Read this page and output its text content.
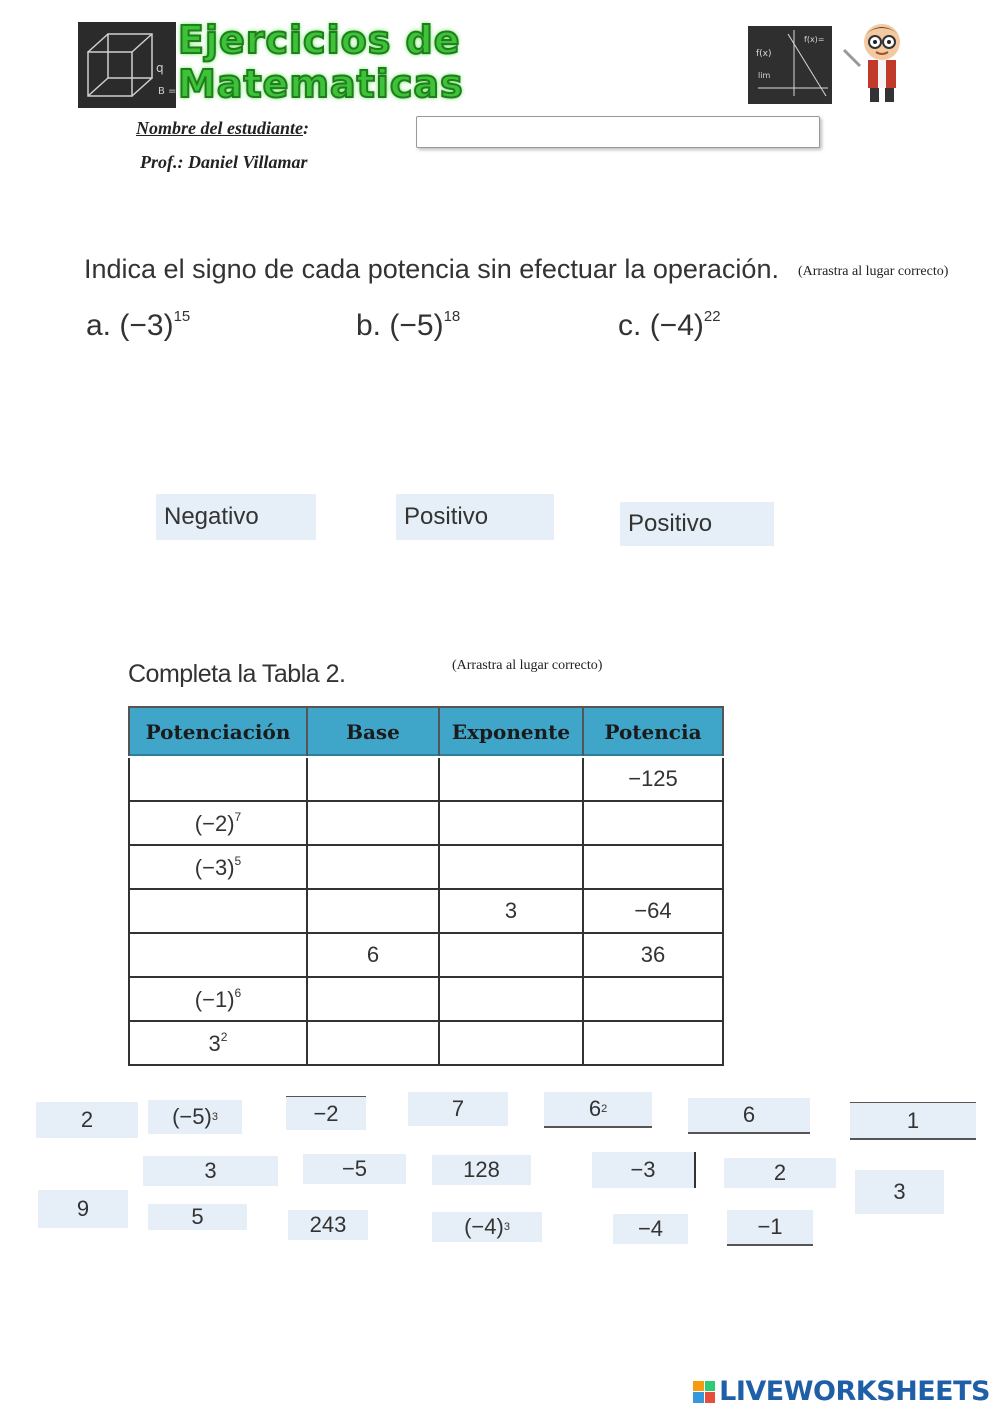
q
B =
Ejercicios de Matematicas
f(x)
f(x)=
lim
Nombre del estudiante:
Prof.: Daniel Villamar
Indica el signo de cada potencia sin efectuar la operación. (Arrastra al lugar correcto)
a. $(-3)^{15}$	b. $(-5)^{18}$	c. $(-4)^{22}$
Negativo	Positivo	Positivo
Completa la Tabla 2.	(Arrastra al lugar correcto)
Potenciación	Base	Exponente	Potencia
			−125
$(-2)^7$			
$(-3)^5$			
		3	−64
	6		36
$(-1)^6$			
$3^2$			
2	(−5) 3	−2	7	6 2	6	1
3	−5	128	−3	2
3
9	5	243	(−4) 3	−4	−1
LIVEWORKSHEETS
